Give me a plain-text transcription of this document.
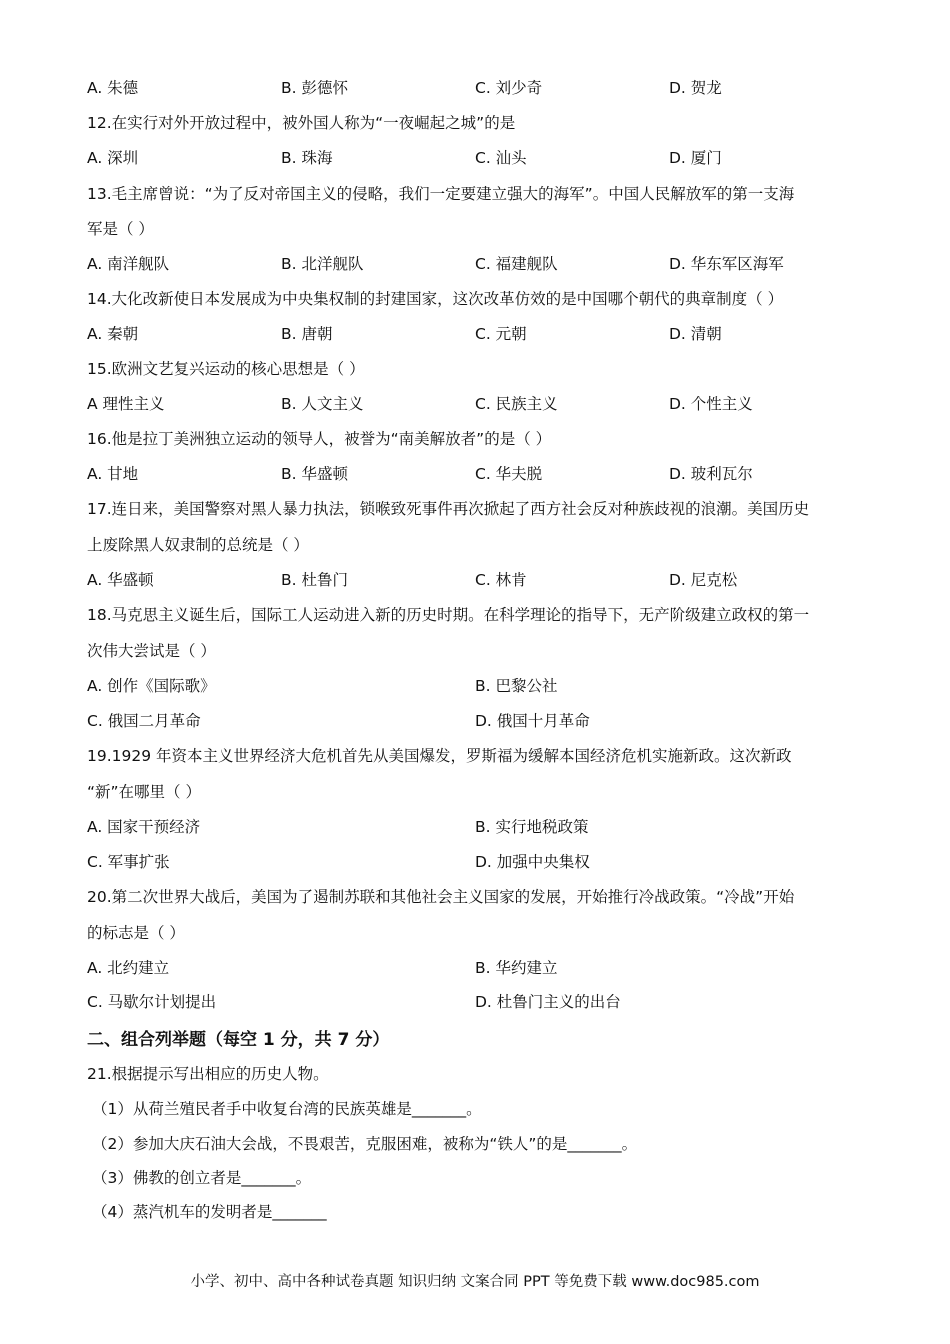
A. 朱德	B. 彭德怀	C. 刘少奇	D. 贺龙
12.在实行对外开放过程中，被外国人称为“一夜崛起之城”的是
A. 深圳	B. 珠海	C. 汕头	D. 厦门
13.毛主席曾说：“为了反对帝国主义的侵略，我们一定要建立强大的海军”。中国人民解放军的第一支海
军是（ ）
A. 南洋舰队	B. 北洋舰队	C. 福建舰队	D. 华东军区海军
14.大化改新使日本发展成为中央集权制的封建国家，这次改革仿效的是中国哪个朝代的典章制度（ ）
A. 秦朝	B. 唐朝	C. 元朝	D. 清朝
15.欧洲文艺复兴运动的核心思想是（ ）
A 理性主义	B. 人文主义	C. 民族主义	D. 个性主义
16.他是拉丁美洲独立运动的领导人，被誉为“南美解放者”的是（ ）
A. 甘地	B. 华盛顿	C. 华夫脱	D. 玻利瓦尔
17.连日来，美国警察对黑人暴力执法，锁喉致死事件再次掀起了西方社会反对种族歧视的浪潮。美国历史
上废除黑人奴隶制的总统是（ ）
A. 华盛顿	B. 杜鲁门	C. 林肯	D. 尼克松
18.马克思主义诞生后，国际工人运动进入新的历史时期。在科学理论的指导下，无产阶级建立政权的第一
次伟大尝试是（ ）
A. 创作《国际歌》	B. 巴黎公社
C. 俄国二月革命	D. 俄国十月革命
19.1929 年资本主义世界经济大危机首先从美国爆发，罗斯福为缓解本国经济危机实施新政。这次新政
“新”在哪里（ ）
A. 国家干预经济	B. 实行地税政策
C. 军事扩张	D. 加强中央集权
20.第二次世界大战后，美国为了遏制苏联和其他社会主义国家的发展，开始推行冷战政策。“冷战”开始
的标志是（ ）
A. 北约建立	B. 华约建立
C. 马歇尔计划提出	D. 杜鲁门主义的出台
二、组合列举题（每空 1 分，共 7 分）
21.根据提示写出相应的历史人物。
（1）从荷兰殖民者手中收复台湾的民族英雄是_______。
（2）参加大庆石油大会战，不畏艰苦，克服困难，被称为“铁人”的是_______。
（3）佛教的创立者是_______。
（4）蒸汽机车的发明者是_______
小学、初中、高中各种试卷真题 知识归纳 文案合同 PPT 等免费下载 www.doc985.com
